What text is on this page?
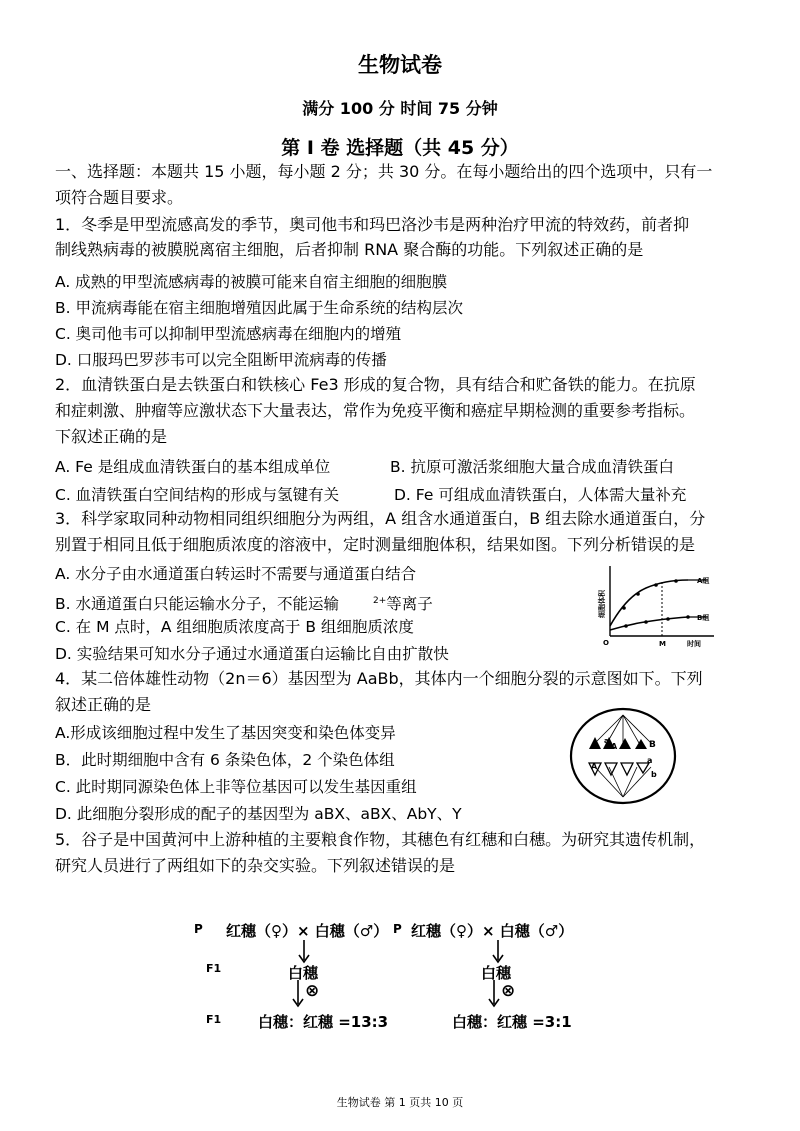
生物试卷
满分 100 分 时间 75 分钟
第 I 卷 选择题（共 45 分）
一、选择题：本题共 15 小题，每小题 2 分；共 30 分。在每小题给出的四个选项中，只有一
项符合题目要求。
1．冬季是甲型流感高发的季节，奥司他韦和玛巴洛沙韦是两种治疗甲流的特效药，前者抑
制线熟病毒的被膜脱离宿主细胞，后者抑制 RNA 聚合酶的功能。下列叙述正确的是
A. 成熟的甲型流感病毒的被膜可能来自宿主细胞的细胞膜
B. 甲流病毒能在宿主细胞增殖因此属于生命系统的结构层次
C. 奥司他韦可以抑制甲型流感病毒在细胞内的增殖
D. 口服玛巴罗莎韦可以完全阻断甲流病毒的传播
2．血清铁蛋白是去铁蛋白和铁核心 Fe3 形成的复合物，具有结合和贮备铁的能力。在抗原
和症刺激、肿瘤等应激状态下大量表达，常作为免疫平衡和癌症早期检测的重要参考指标。
下叙述正确的是
A. Fe 是组成血清铁蛋白的基本组成单位	B. 抗原可激活浆细胞大量合成血清铁蛋白
C. 血清铁蛋白空间结构的形成与氢键有关	D. Fe 可组成血清铁蛋白，人体需大量补充
3．科学家取同种动物相同组织细胞分为两组，A 组含水通道蛋白，B 组去除水通道蛋白，分
别置于相同且低于细胞质浓度的溶液中，定时测量细胞体积，结果如图。下列分析错误的是
A. 水分子由水通道蛋白转运时不需要与通道蛋白结合
B. 水通道蛋白只能运输水分子，不能运输	$^{2+}$等离子
C. 在 M 点时，A 组细胞质浓度高于 B 组细胞质浓度
D. 实验结果可知水分子通过水通道蛋白运输比自由扩散快
细胞体积
O	M	时间
A组
B组
4．某二倍体雄性动物（2n＝6）基因型为 AaBb，其体内一个细胞分裂的示意图如下。下列
叙述正确的是
A.形成该细胞过程中发生了基因突变和染色体变异
B．此时期细胞中含有 6 条染色体，2 个染色体组
C. 此时期同源染色体上非等位基因可以发生基因重组
D. 此细胞分裂形成的配子的基因型为 aBX、aBX、AbY、Y
A
a	B
A
a
b
5．谷子是中国黄河中上游种植的主要粮食作物，其穗色有红穗和白穗。为研究其遗传机制，
研究人员进行了两组如下的杂交实验。下列叙述错误的是
P 红穗（♀）× 白穗（♂） P 红穗（♀）× 白穗（♂）
F1
F1
白穗	白穗
⊗	⊗
白穗：红穗 =13:3	白穗：红穗 =3:1
生物试卷 第 1 页共 10 页
